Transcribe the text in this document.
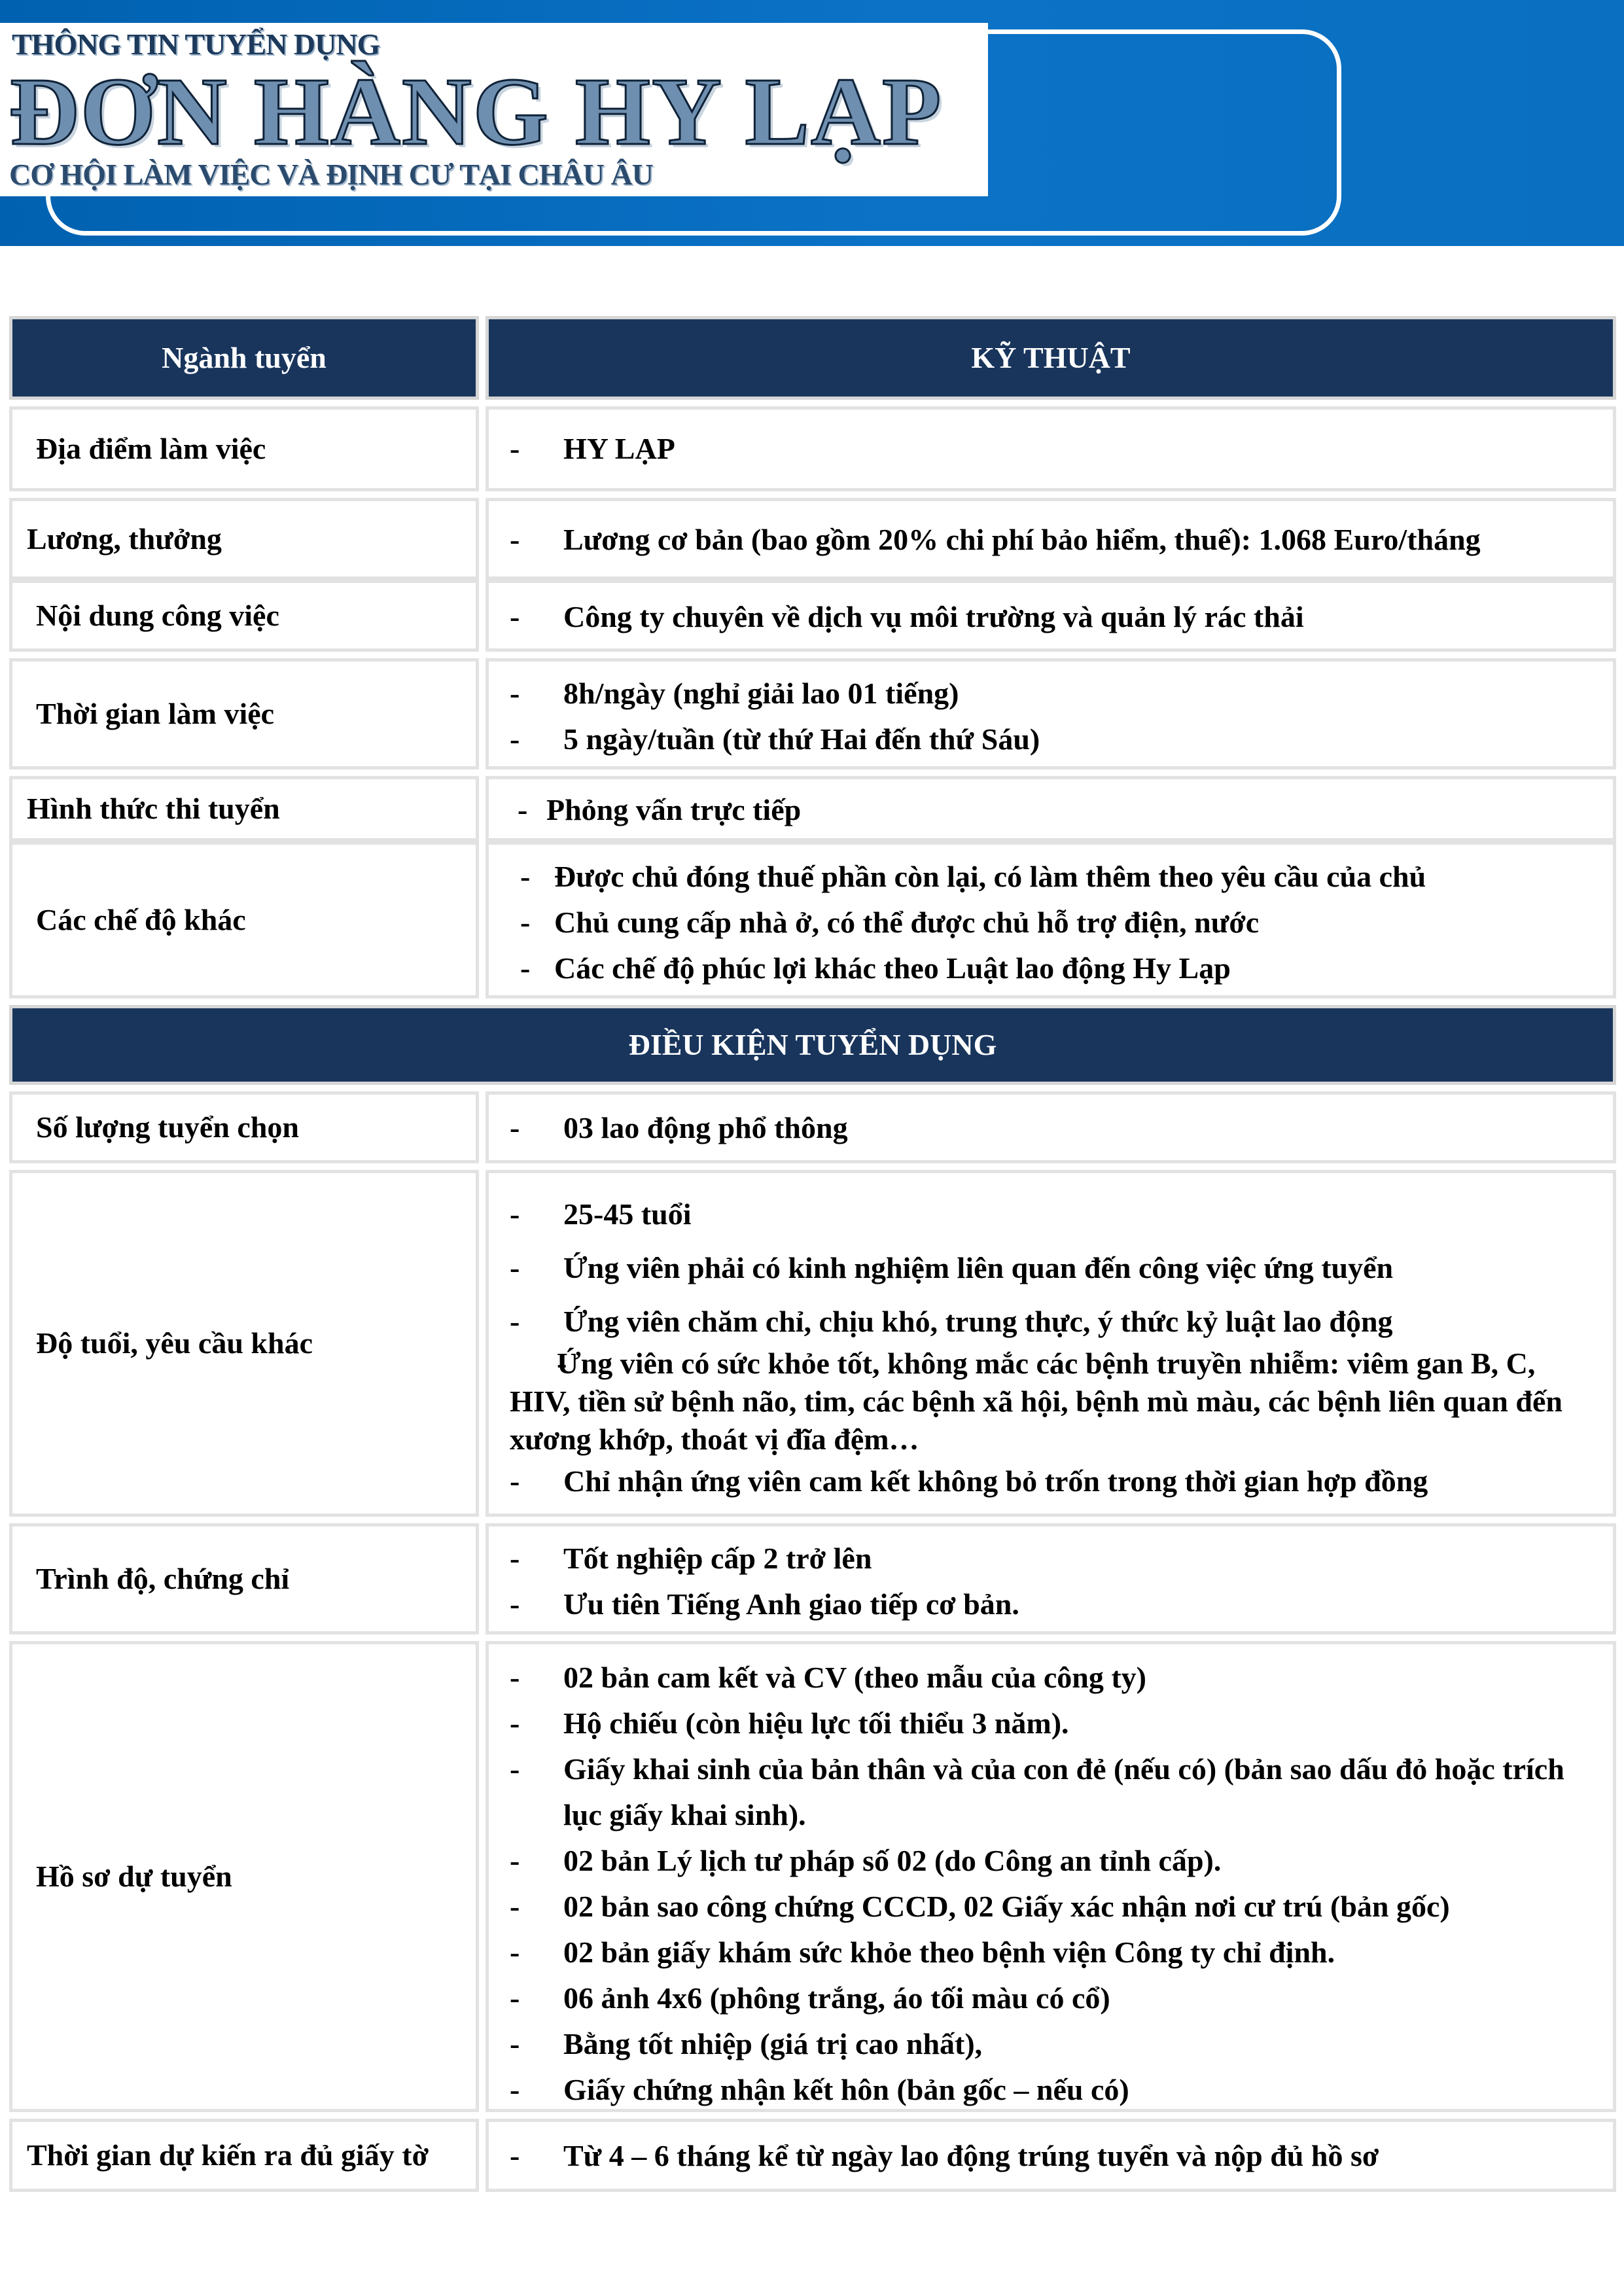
THÔNG TIN TUYỂN DỤNG
ĐƠN HÀNG HY LẠP
CƠ HỘI LÀM VIỆC VÀ ĐỊNH CƯ TẠI CHÂU ÂU
Ngành tuyển	KỸ THUẬT
Địa điểm làm việc	- HY LẠP
Lương, thưởng	- Lương cơ bản (bao gồm 20% chi phí bảo hiểm, thuế): 1.068 Euro/tháng
Nội dung công việc	- Công ty chuyên về dịch vụ môi trường và quản lý rác thải
Thời gian làm việc
- 8h/ngày (nghỉ giải lao 01 tiếng)
- 5 ngày/tuần (từ thứ Hai đến thứ Sáu)
Hình thức thi tuyển	- Phỏng vấn trực tiếp
Các chế độ khác
- Được chủ đóng thuế phần còn lại, có làm thêm theo yêu cầu của chủ
- Chủ cung cấp nhà ở, có thể được chủ hỗ trợ điện, nước
- Các chế độ phúc lợi khác theo Luật lao động Hy Lạp
ĐIỀU KIỆN TUYỂN DỤNG
Số lượng tuyển chọn	- 03 lao động phổ thông
Độ tuổi, yêu cầu khác
- 25-45 tuổi
- Ứng viên phải có kinh nghiệm liên quan đến công việc ứng tuyển
- Ứng viên chăm chỉ, chịu khó, trung thực, ý thức kỷ luật lao động
- Ứng viên có sức khỏe tốt, không mắc các bệnh truyền nhiễm: viêm gan B, C, HIV, tiền sử bệnh não, tim, các bệnh xã hội, bệnh mù màu, các bệnh liên quan đến xương khớp, thoát vị đĩa đệm…
- Chỉ nhận ứng viên cam kết không bỏ trốn trong thời gian hợp đồng
Trình độ, chứng chỉ
- Tốt nghiệp cấp 2 trở lên
- Ưu tiên Tiếng Anh giao tiếp cơ bản.
Hồ sơ dự tuyển
- 02 bản cam kết và CV (theo mẫu của công ty)
- Hộ chiếu (còn hiệu lực tối thiểu 3 năm).
- Giấy khai sinh của bản thân và của con đẻ (nếu có) (bản sao dấu đỏ hoặc trích lục giấy khai sinh).
- 02 bản Lý lịch tư pháp số 02 (do Công an tỉnh cấp).
- 02 bản sao công chứng CCCD, 02 Giấy xác nhận nơi cư trú (bản gốc)
- 02 bản giấy khám sức khỏe theo bệnh viện Công ty chỉ định.
- 06 ảnh 4x6 (phông trắng, áo tối màu có cổ)
- Bằng tốt nhiệp (giá trị cao nhất),
- Giấy chứng nhận kết hôn (bản gốc – nếu có)
Thời gian dự kiến ra đủ giấy tờ	- Từ 4 – 6 tháng kể từ ngày lao động trúng tuyển và nộp đủ hồ sơ
